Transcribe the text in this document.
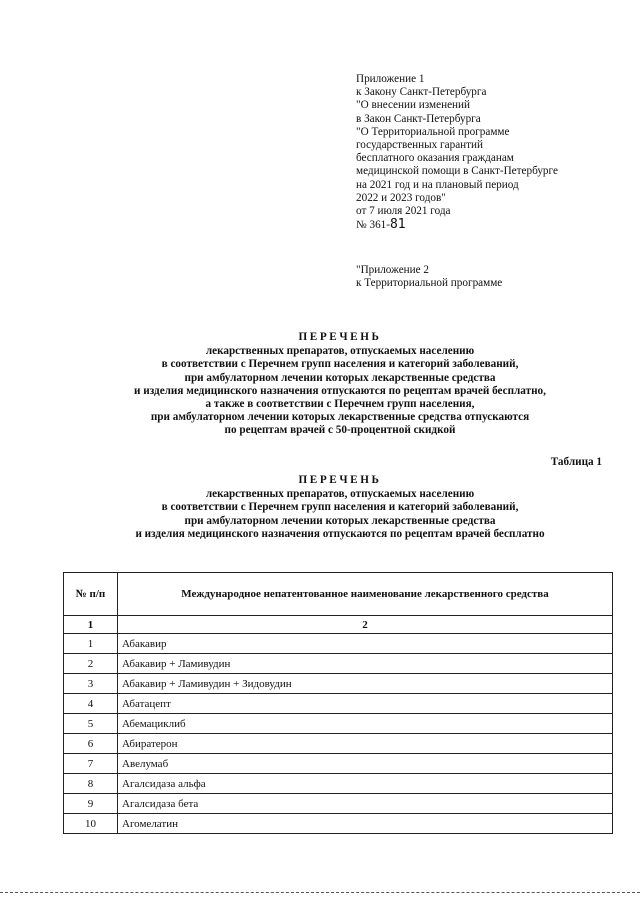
Приложение 1
к Закону Санкт-Петербурга
"О внесении изменений
в Закон Санкт-Петербурга
"О Территориальной программе
государственных гарантий
бесплатного оказания гражданам
медицинской помощи в Санкт-Петербурге
на 2021 год и на плановый период
2022 и 2023 годов"
от 7 июля 2021 года
№ 361- 81
"Приложение 2
к Территориальной программе
ПЕРЕЧЕНЬ
лекарственных препаратов, отпускаемых населению
в соответствии с Перечнем групп населения и категорий заболеваний,
при амбулаторном лечении которых лекарственные средства
и изделия медицинского назначения отпускаются по рецептам врачей бесплатно,
а также в соответствии с Перечнем групп населения,
при амбулаторном лечении которых лекарственные средства отпускаются
по рецептам врачей с 50-процентной скидкой
Таблица 1
ПЕРЕЧЕНЬ
лекарственных препаратов, отпускаемых населению
в соответствии с Перечнем групп населения и категорий заболеваний,
при амбулаторном лечении которых лекарственные средства
и изделия медицинского назначения отпускаются по рецептам врачей бесплатно
№ п/п	Международное непатентованное наименование лекарственного средства
1	2
1	Абакавир
2	Абакавир + Ламивудин
3	Абакавир + Ламивудин + Зидовудин
4	Абатацепт
5	Абемациклиб
6	Абиратерон
7	Авелумаб
8	Агалсидаза альфа
9	Агалсидаза бета
10	Агомелатин
